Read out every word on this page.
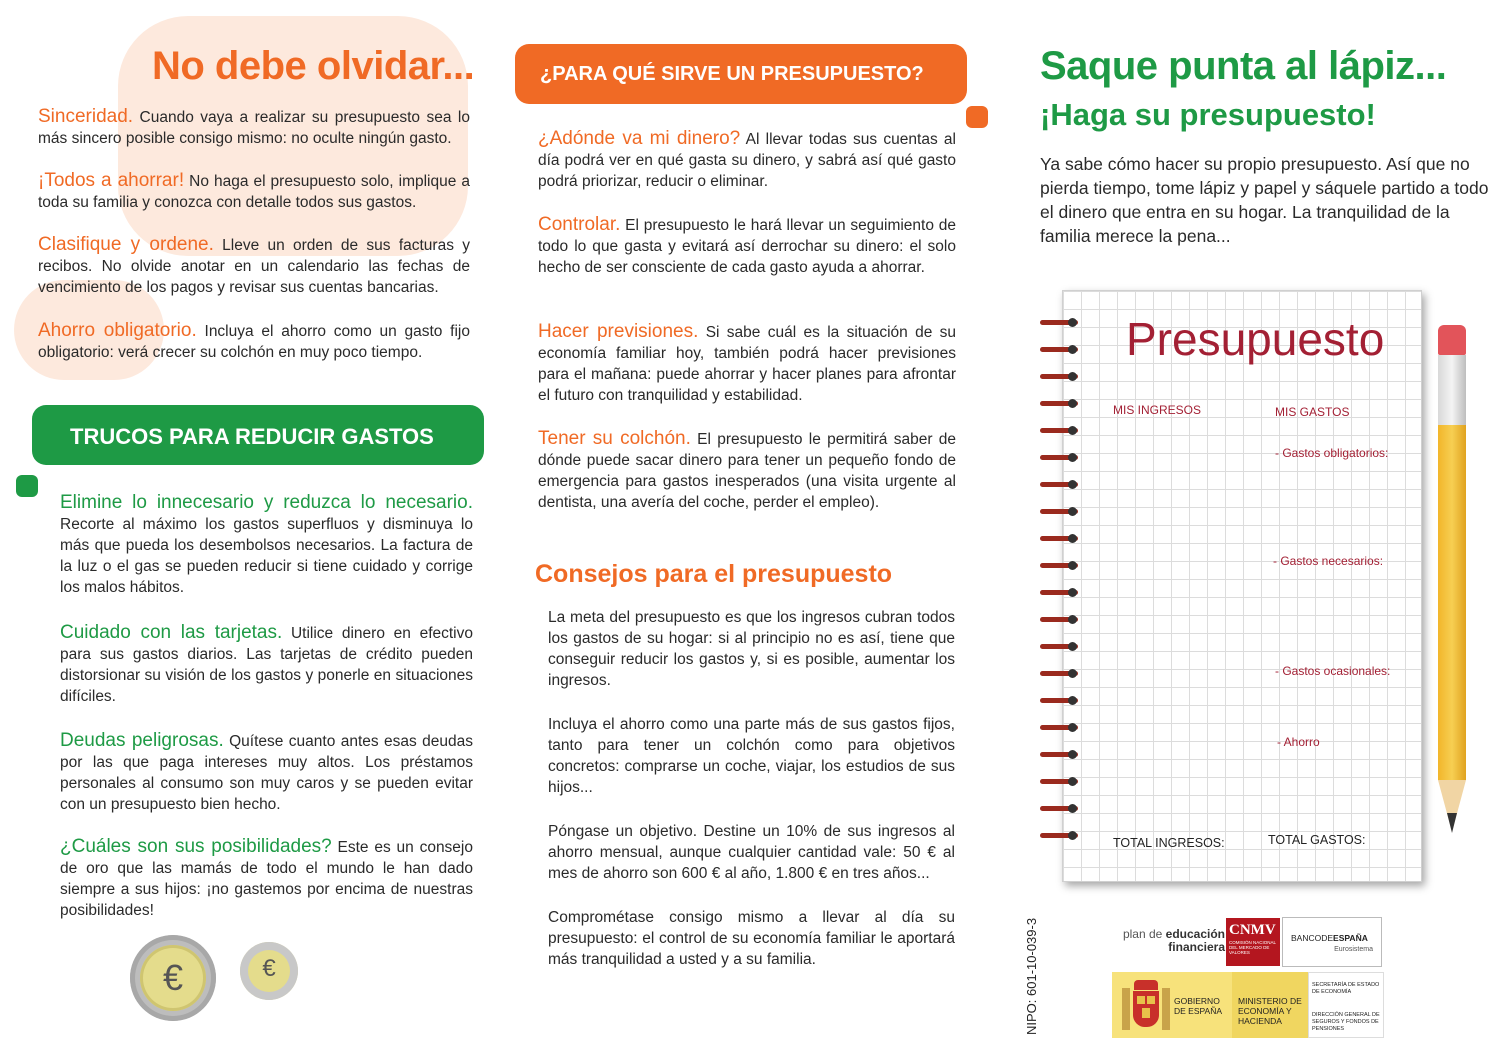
No debe olvidar...
Sinceridad. Cuando vaya a realizar su presupuesto sea lo más sincero posible consigo mismo: no oculte ningún gasto.
¡Todos a ahorrar! No haga el presupuesto solo, implique a toda su familia y conozca con detalle todos sus gastos.
Clasifique y ordene. Lleve un orden de sus facturas y recibos. No olvide anotar en un calendario las fechas de vencimiento de los pagos y revisar sus cuentas bancarias.
Ahorro obligatorio. Incluya el ahorro como un gasto fijo obligatorio: verá crecer su colchón en muy poco tiempo.
TRUCOS PARA REDUCIR GASTOS
Elimine lo innecesario y reduzca lo necesario. Recorte al máximo los gastos superfluos y disminuya lo más que pueda los desembolsos necesarios. La factura de la luz o el gas se pueden reducir si tiene cuidado y corrige los malos hábitos.
Cuidado con las tarjetas. Utilice dinero en efectivo para sus gastos diarios. Las tarjetas de crédito pueden distorsionar su visión de los gastos y ponerle en situaciones difíciles.
Deudas peligrosas. Quítese cuanto antes esas deudas por las que paga intereses muy altos. Los préstamos personales al consumo son muy caros y se pueden evitar con un presupuesto bien hecho.
¿Cuáles son sus posibilidades? Este es un consejo de oro que las mamás de todo el mundo le han dado siempre a sus hijos: ¡no gastemos por encima de nuestras posibilidades!
€	€
¿PARA QUÉ SIRVE UN PRESUPUESTO?
¿Adónde va mi dinero? Al llevar todas sus cuentas al día podrá ver en qué gasta su dinero, y sabrá así qué gasto podrá priorizar, reducir o eliminar.
Controlar. El presupuesto le hará llevar un seguimiento de todo lo que gasta y evitará así derrochar su dinero: el solo hecho de ser consciente de cada gasto ayuda a ahorrar.
Hacer previsiones. Si sabe cuál es la situación de su economía familiar hoy, también podrá hacer previsiones para el mañana: puede ahorrar y hacer planes para afrontar el futuro con tranquilidad y estabilidad.
Tener su colchón. El presupuesto le permitirá saber de dónde puede sacar dinero para tener un pequeño fondo de emergencia para gastos inesperados (una visita urgente al dentista, una avería del coche, perder el empleo).
Consejos para el presupuesto
La meta del presupuesto es que los ingresos cubran todos los gastos de su hogar: si al principio no es así, tiene que conseguir reducir los gastos y, si es posible, aumentar los ingresos.
Incluya el ahorro como una parte más de sus gastos fijos, tanto para tener un colchón como para objetivos concretos: comprarse un coche, viajar, los estudios de sus hijos...
Póngase un objetivo. Destine un 10% de sus ingresos al ahorro mensual, aunque cualquier cantidad vale: 50 € al mes de ahorro son 600 € al año, 1.800 € en tres años...
Comprométase consigo mismo a llevar al día su presupuesto: el control de su economía familiar le aportará más tranquilidad a usted y a su familia.
Saque punta al lápiz...
¡Haga su presupuesto!
Ya sabe cómo hacer su propio presupuesto. Así que no pierda tiempo, tome lápiz y papel y sáquele partido a todo el dinero que entra en su hogar. La tranquilidad de la familia merece la pena...
Presupuesto
MIS INGRESOS	MIS GASTOS
- Gastos obligatorios:
- Gastos necesarios:
- Gastos ocasionales:
- Ahorro
TOTAL INGRESOS:	TOTAL GASTOS:
NIPO: 601-10-039-3	plan de educación
financiera
CNMV
COMISIÓN NACIONAL DEL MERCADO DE VALORES
BANCODEESPAÑA
Eurosistema
GOBIERNO DE ESPAÑA
MINISTERIO DE ECONOMÍA Y HACIENDA
SECRETARÍA DE ESTADO DE ECONOMÍA
DIRECCIÓN GENERAL DE SEGUROS Y FONDOS DE PENSIONES
